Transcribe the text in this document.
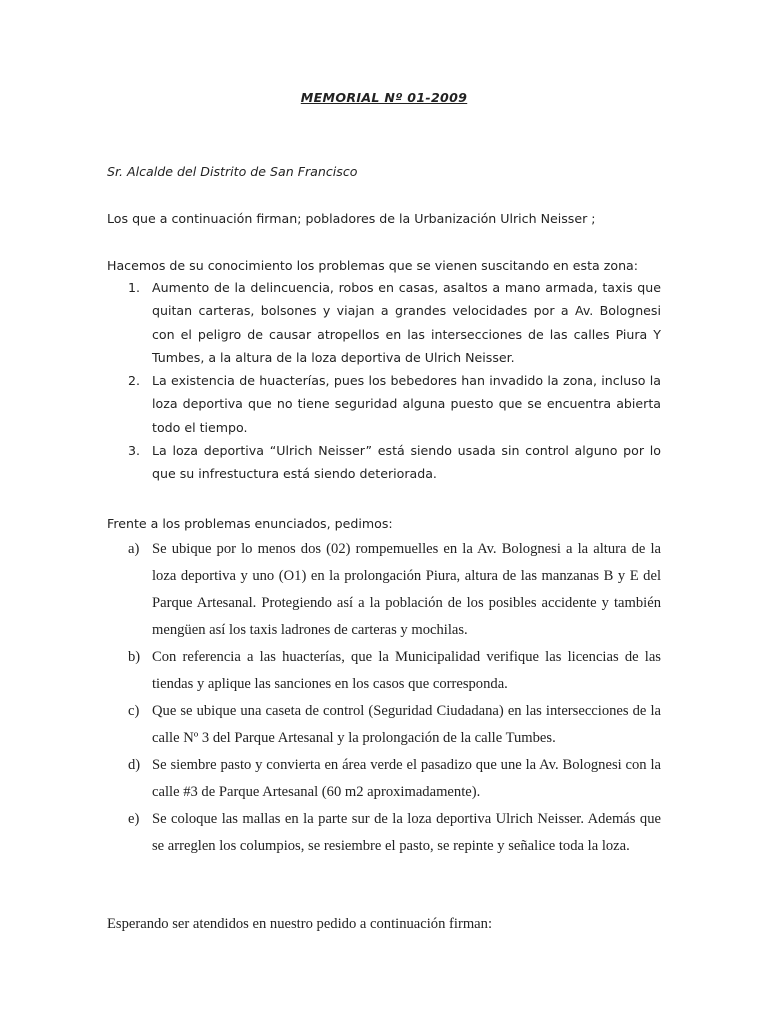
MEMORIAL Nº 01-2009

Sr. Alcalde del Distrito de San Francisco

Los que a continuación firman; pobladores de la Urbanización Ulrich Neisser ;

Hacemos de su conocimiento los problemas que se vienen suscitando en esta zona:

1. Aumento de la delincuencia, robos en casas, asaltos a mano armada, taxis que quitan carteras, bolsones y viajan a grandes velocidades por a Av. Bolognesi con el peligro de causar atropellos en las intersecciones de las calles Piura Y Tumbes, a la altura de la loza deportiva de Ulrich Neisser.
2. La existencia de huacterías, pues los bebedores han invadido la zona, incluso la loza deportiva que no tiene seguridad alguna puesto que se encuentra abierta todo el tiempo.
3. La loza deportiva “Ulrich Neisser” está siendo usada sin control alguno por lo que su infrestuctura está siendo deteriorada.

Frente a los problemas enunciados, pedimos:

a) Se ubique por lo menos dos (02) rompemuelles en la Av. Bolognesi a la altura de la loza deportiva y uno (O1) en la prolongación Piura, altura de las manzanas B y E del Parque Artesanal. Protegiendo así a la población de los posibles accidente y también mengüen así los taxis ladrones de carteras y mochilas.
b) Con referencia a las huacterías, que la Municipalidad verifique las licencias de las tiendas y aplique las sanciones en los casos que corresponda.
c) Que se ubique una caseta de control (Seguridad Ciudadana) en las intersecciones de la calle Nº 3 del Parque Artesanal y la prolongación de la calle Tumbes.
d) Se siembre pasto y convierta en área verde el pasadizo que une la Av. Bolognesi con la calle #3 de Parque Artesanal (60 m2 aproximadamente).
e) Se coloque las mallas en la parte sur de la loza deportiva Ulrich Neisser. Además que se arreglen los columpios, se resiembre el pasto, se repinte y señalice toda la loza.

Esperando ser atendidos en nuestro pedido a continuación firman:
